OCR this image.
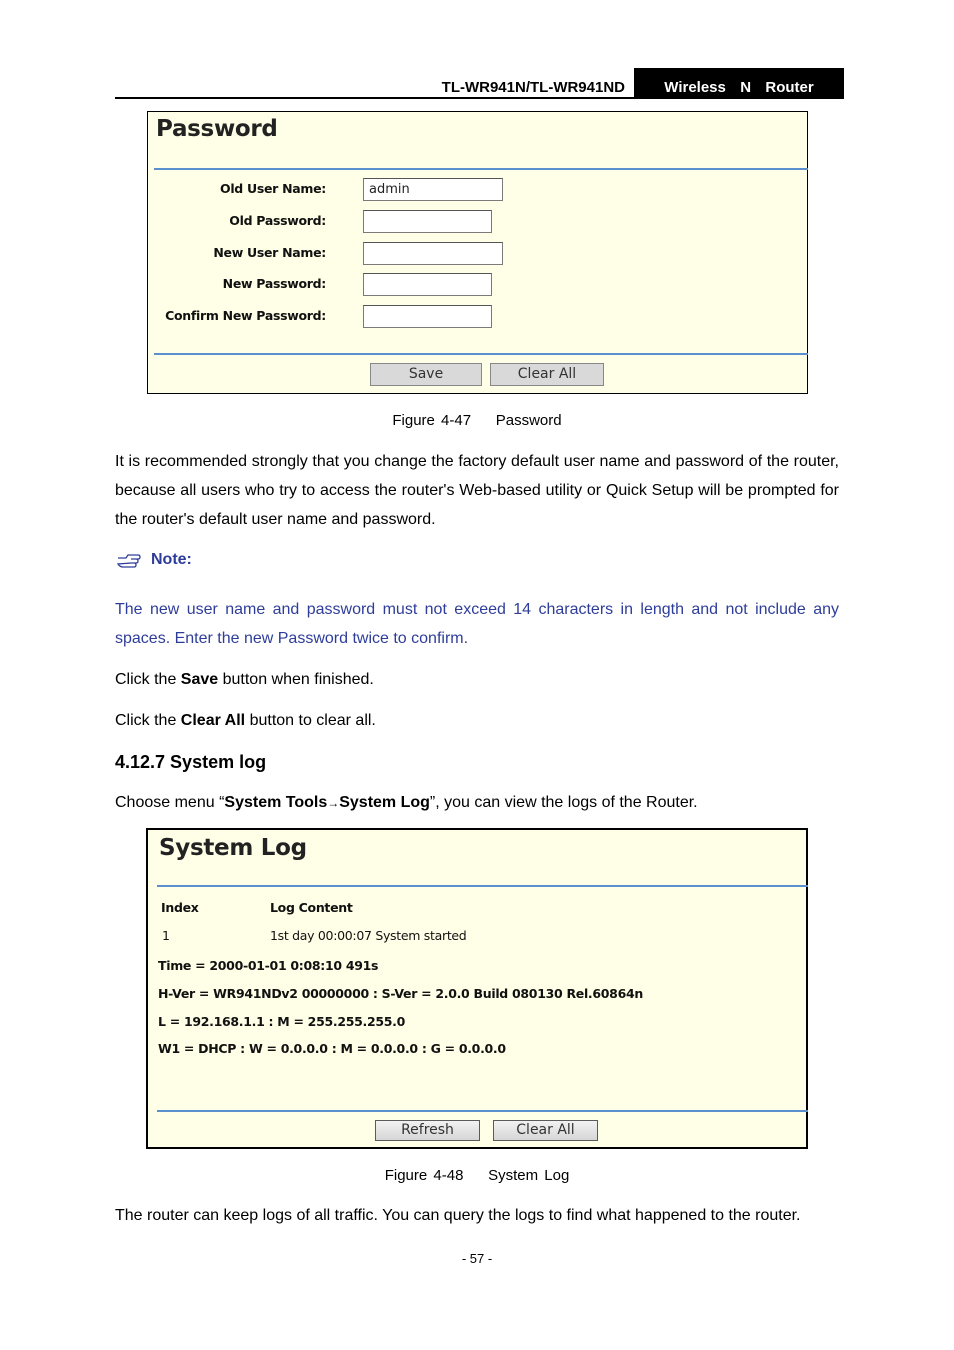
TL-WR941N/TL-WR941ND	Wireless  N  Router
Password
Old User Name:
admin
Old Password:
New User Name:
New Password:
Confirm New Password:
Save	Clear All
Figure 4-47    Password
It is recommended strongly that you change the factory default user name and password of the router, because all users who try to access the router's Web-based utility or Quick Setup will be prompted for the router's default user name and password.
Note:
The new user name and password must not exceed 14 characters in length and not include any spaces. Enter the new Password twice to confirm.
Click the Save button when finished.
Click the Clear All button to clear all.
4.12.7 System log
Choose menu “System Tools→System Log”, you can view the logs of the Router.
System Log
Index	Log Content
1	1st day 00:00:07 System started
Time = 2000-01-01 0:08:10 491s
H-Ver = WR941NDv2 00000000 : S-Ver = 2.0.0 Build 080130 Rel.60864n
L = 192.168.1.1 : M = 255.255.255.0
W1 = DHCP : W = 0.0.0.0 : M = 0.0.0.0 : G = 0.0.0.0
Refresh	Clear All
Figure 4-48    System Log
The router can keep logs of all traffic. You can query the logs to find what happened to the router.
- 57 -
